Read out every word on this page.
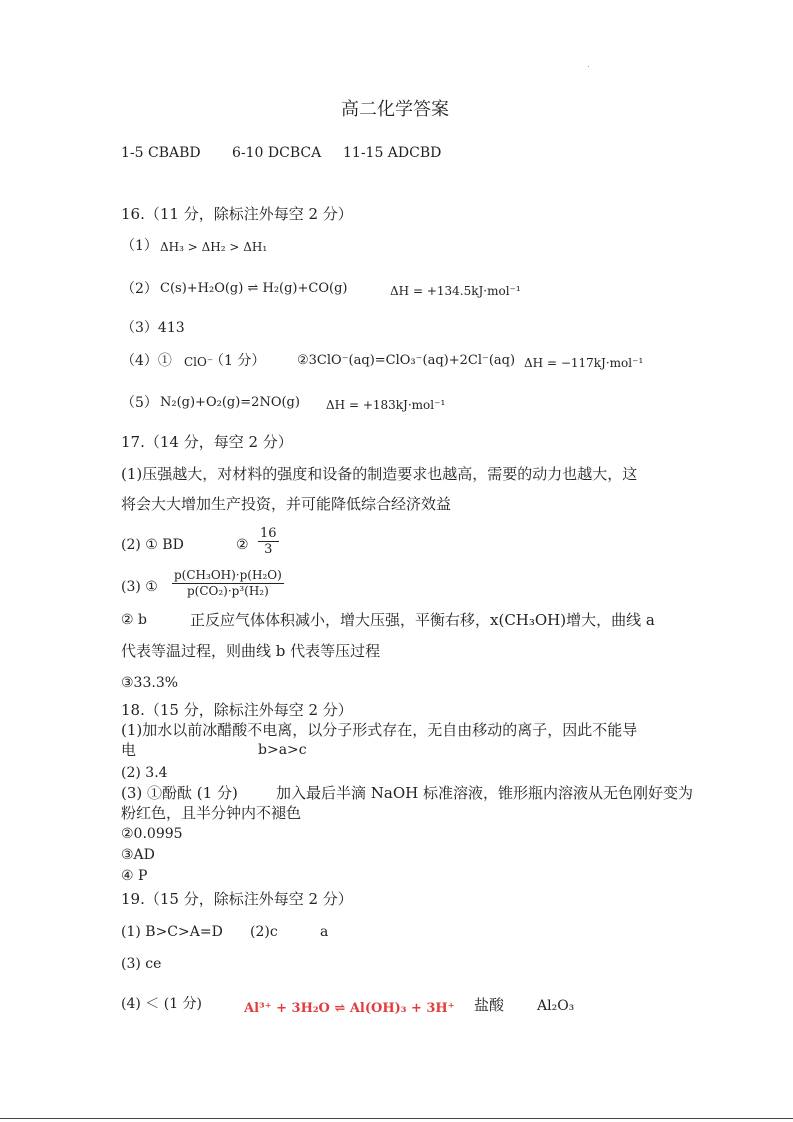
高二化学答案
1-5 CBABD 6-10 DCBCA 11-15 ADCBD
16.（11 分，除标注外每空 2 分）
（1） ΔH₃ > ΔH₂ > ΔH₁
（2） C(s)+H₂O(g) ⇌ H₂(g)+CO(g)	ΔH = +134.5kJ·mol⁻¹
（3）413
（4）① ClO⁻
（1 分） ②3ClO⁻(aq)=ClO₃⁻(aq)+2Cl⁻(aq) ΔH = −117kJ·mol⁻¹
（5） N₂(g)+O₂(g)=2NO(g) ΔH = +183kJ·mol⁻¹
17.（14 分，每空 2 分）
(1)压强越大，对材料的强度和设备的制造要求也越高，需要的动力也越大，这
将会大大增加生产投资，并可能降低综合经济效益
(2) ① BD	② $\frac{16}{3}$
(3) ① $\frac{\text{p(CH₃OH)·p(H₂O)}}{\text{p(CO₂)·p³(H₂)}}$
② b	正反应气体体积减小，增大压强，平衡右移，x(CH₃OH)增大，曲线 a
代表等温过程，则曲线 b 代表等压过程
③33.3%
18.（15 分，除标注外每空 2 分）
(1)加水以前冰醋酸不电离，以分子形式存在，无自由移动的离子，因此不能导
电	b>a>c
(2) 3.4
(3) ①酚酞 (1 分)	加入最后半滴 NaOH 标准溶液，锥形瓶内溶液从无色刚好变为
粉红色，且半分钟内不褪色
②0.0995
③AD
④ P
19.（15 分，除标注外每空 2 分）
(1) B>C>A=D (2)c	a
(3) ce
(4) ＜ (1 分)	Al³⁺ + 3H₂O ⇌ Al(OH)₃ + 3H⁺ 盐酸 Al₂O₃
